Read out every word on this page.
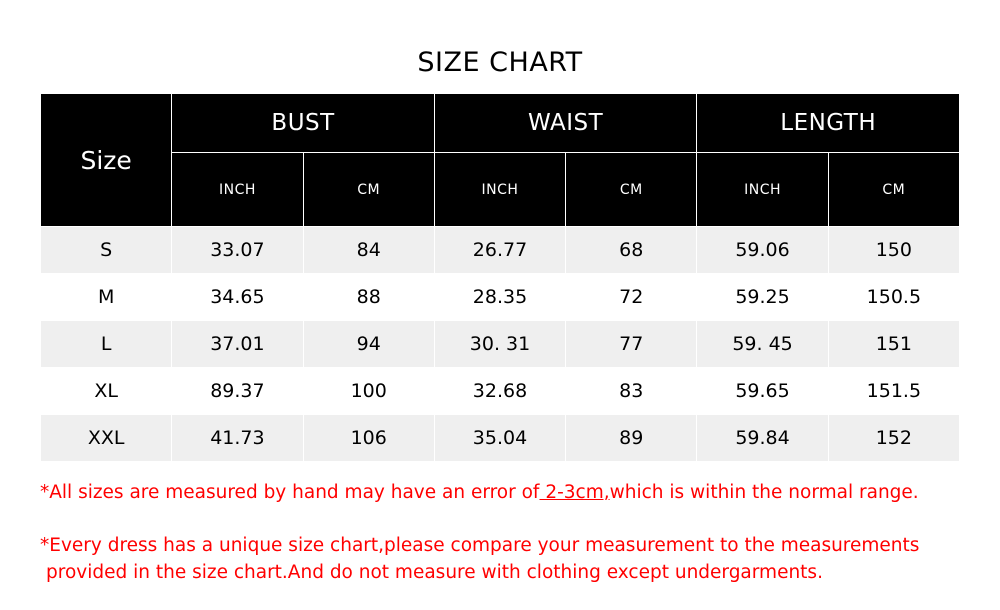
SIZE CHART						
Size	BUST		WAIST		LENGTH	
	INCH	CM	INCH	CM	INCH	CM
S	33.07	84	26.77	68	59.06	150
M	34.65	88	28.35	72	59.25	150.5
L	37.01	94	30. 31	77	59. 45	151
XL	89.37	100	32.68	83	59.65	151.5
XXL	41.73	106	35.04	89	59.84	152
*All sizes are measured by hand may have an error of 2-3cm,which is within the normal range.
*Every dress has a unique size chart,please compare your measurement to the measurements
provided in the size chart.And do not measure with clothing except undergarments.
